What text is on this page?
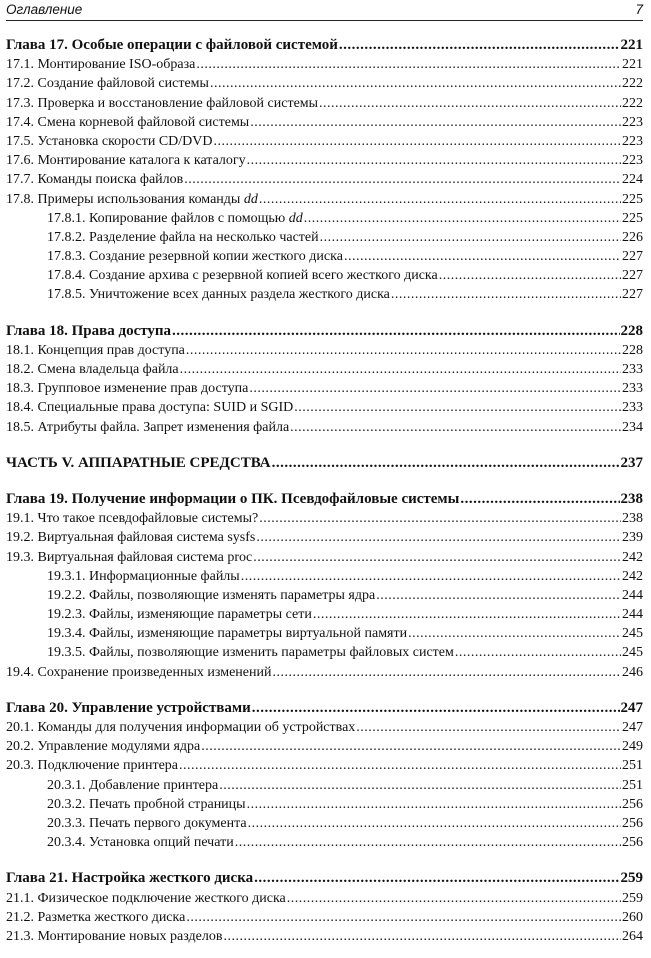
Оглавление	7
Глава 17. Особые операции с файловой системой .....	221
17.1. Монтирование ISO-образа .....	221
17.2. Создание файловой системы .....	222
17.3. Проверка и восстановление файловой системы .....	222
17.4. Смена корневой файловой системы .....	223
17.5. Установка скорости CD/DVD .....	223
17.6. Монтирование каталога к каталогу .....	223
17.7. Команды поиска файлов .....	224
17.8. Примеры использования команды dd .....	225
17.8.1. Копирование файлов с помощью dd .....	225
17.8.2. Разделение файла на несколько частей .....	226
17.8.3. Создание резервной копии жесткого диска .....	227
17.8.4. Создание архива с резервной копией всего жесткого диска .....	227
17.8.5. Уничтожение всех данных раздела жесткого диска .....	227
Глава 18. Права доступа .....	228
18.1. Концепция прав доступа .....	228
18.2. Смена владельца файла .....	233
18.3. Групповое изменение прав доступа .....	233
18.4. Специальные права доступа: SUID и SGID .....	233
18.5. Атрибуты файла. Запрет изменения файла .....	234
ЧАСТЬ V. АППАРАТНЫЕ СРЕДСТВА .....	237
Глава 19. Получение информации о ПК. Псевдофайловые системы .....	238
19.1. Что такое псевдофайловые системы? .....	238
19.2. Виртуальная файловая система sysfs .....	239
19.3. Виртуальная файловая система proc .....	242
19.3.1. Информационные файлы .....	242
19.2.2. Файлы, позволяющие изменять параметры ядра .....	244
19.2.3. Файлы, изменяющие параметры сети .....	244
19.3.4. Файлы, изменяющие параметры виртуальной памяти .....	245
19.3.5. Файлы, позволяющие изменить параметры файловых систем .....	245
19.4. Сохранение произведенных изменений .....	246
Глава 20. Управление устройствами .....	247
20.1. Команды для получения информации об устройствах .....	247
20.2. Управление модулями ядра .....	249
20.3. Подключение принтера .....	251
20.3.1. Добавление принтера .....	251
20.3.2. Печать пробной страницы .....	256
20.3.3. Печать первого документа .....	256
20.3.4. Установка опций печати .....	256
Глава 21. Настройка жесткого диска .....	259
21.1. Физическое подключение жесткого диска .....	259
21.2. Разметка жесткого диска .....	260
21.3. Монтирование новых разделов .....	264
